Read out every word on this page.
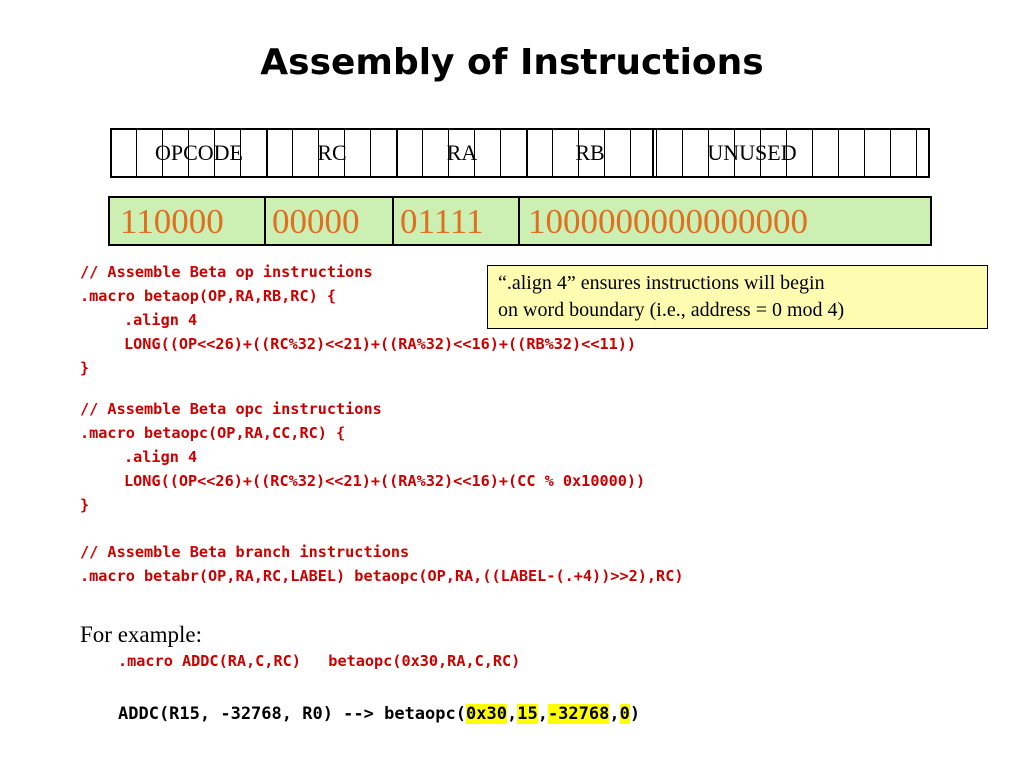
Assembly of Instructions
OPCODE	RC	RA	RB	UNUSED
110000 00000 01111 1000000000000000
// Assemble Beta op instructions
.macro betaop(OP,RA,RB,RC) {
.align 4
LONG((OP<<26)+((RC%32)<<21)+((RA%32)<<16)+((RB%32)<<11))
}
// Assemble Beta opc instructions
.macro betaopc(OP,RA,CC,RC) {
.align 4
LONG((OP<<26)+((RC%32)<<21)+((RA%32)<<16)+(CC % 0x10000))
}
// Assemble Beta branch instructions
.macro betabr(OP,RA,RC,LABEL) betaopc(OP,RA,((LABEL-(.+4))>>2),RC)
“.align 4” ensures instructions will begin
on word boundary (i.e., address = 0 mod 4)
For example:
.macro ADDC(RA,C,RC)   betaopc(0x30,RA,C,RC)
ADDC(R15, -32768, R0) --> betaopc(0x30,15,-32768,0)
